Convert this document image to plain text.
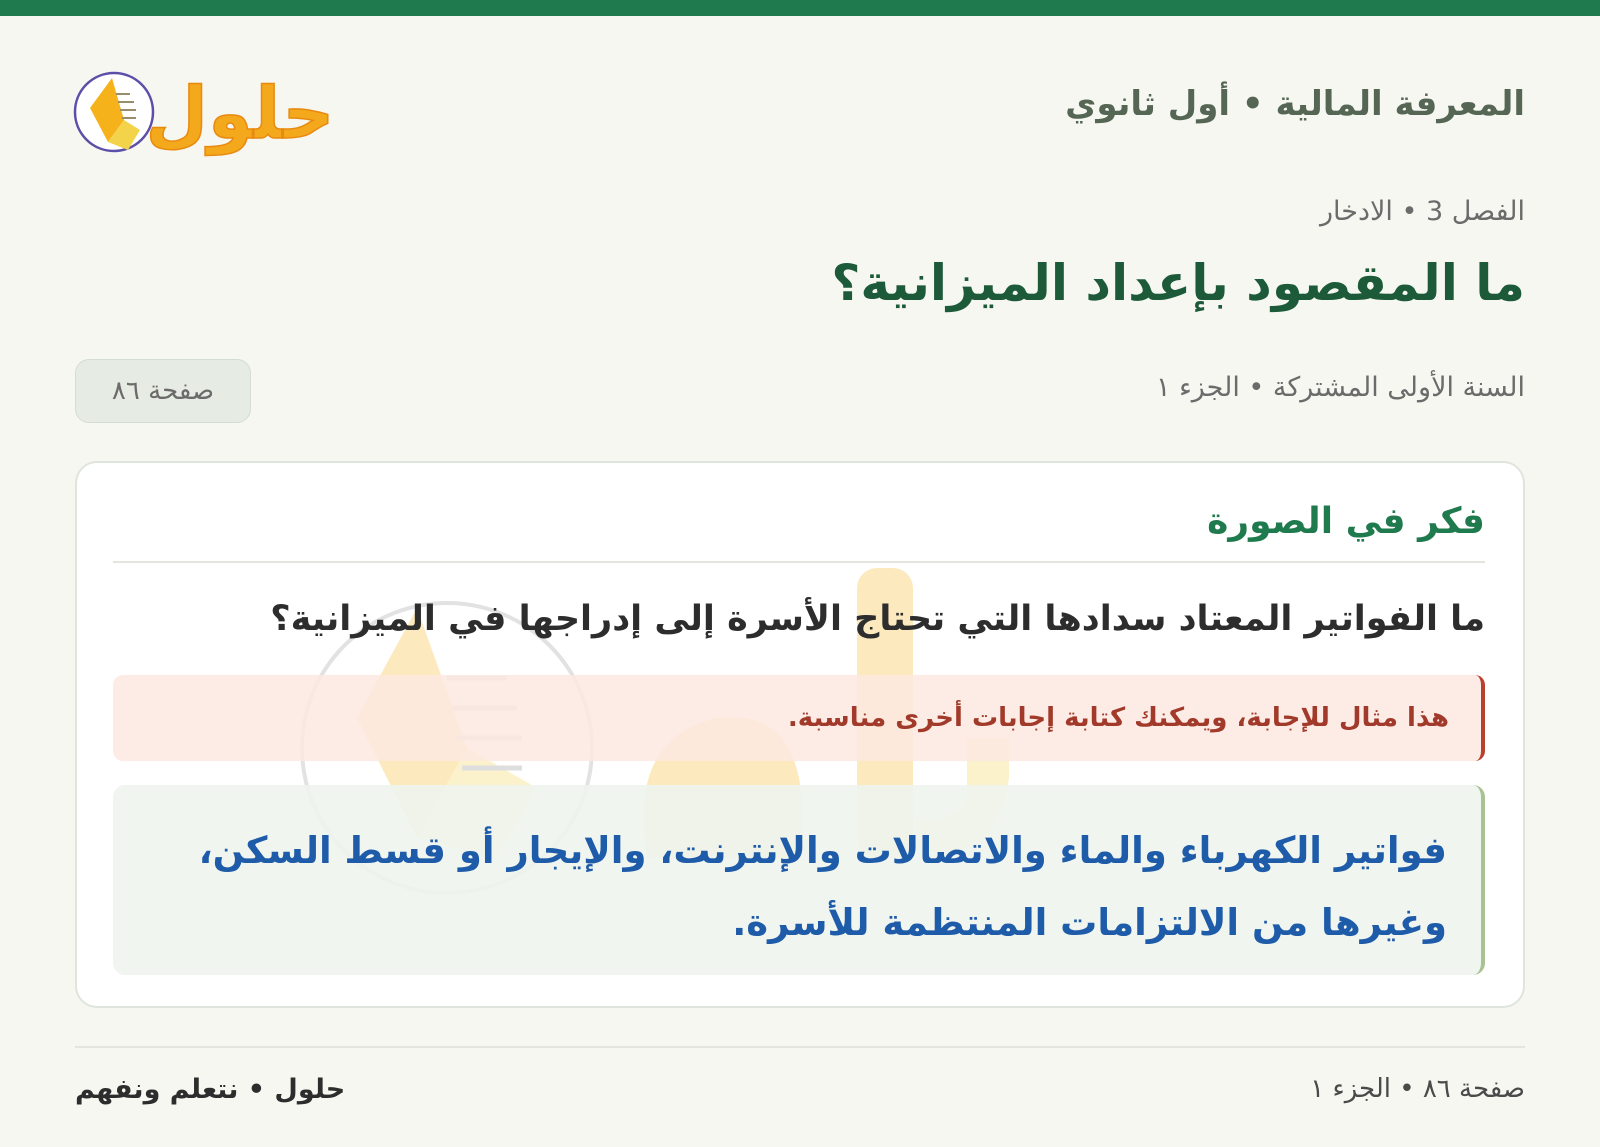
المعرفة المالية • أول ثانوي
حلول
الفصل 3 • الادخار
ما المقصود بإعداد الميزانية؟
السنة الأولى المشتركة • الجزء ١
صفحة ٨٦
فكر في الصورة
ما الفواتير المعتاد سدادها التي تحتاج الأسرة إلى إدراجها في الميزانية؟
هذا مثال للإجابة، ويمكنك كتابة إجابات أخرى مناسبة.
فواتير الكهرباء والماء والاتصالات والإنترنت، والإيجار أو قسط السكن، وغيرها من الالتزامات المنتظمة للأسرة.
حلول • نتعلم ونفهم	صفحة ٨٦ • الجزء ١
